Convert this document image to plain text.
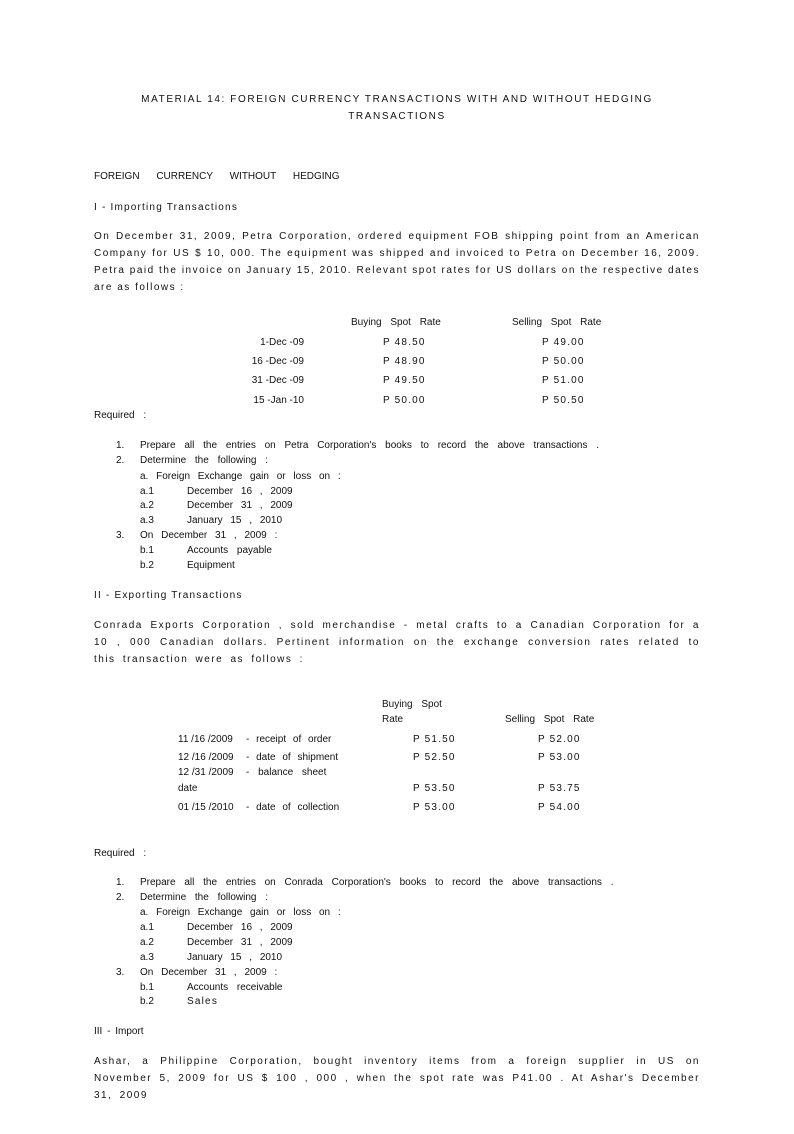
MATERIAL 14: FOREIGN CURRENCY TRANSACTIONS WITH AND WITHOUT HEDGING
TRANSACTIONS
FOREIGN CURRENCY WITHOUT HEDGING
I - Importing Transactions
On December 31, 2009, Petra Corporation, ordered equipment FOB shipping point from an American Company for US $ 10, 000. The equipment was shipped and invoiced to Petra on December 16, 2009. Petra paid the invoice on January 15, 2010. Relevant spot rates for US dollars on the respective dates are as follows :
Buying Spot Rate	Selling Spot Rate
1-Dec -09	P 48.50	P 49.00
16 -Dec -09	P 48.90	P 50.00
31 -Dec -09	P 49.50	P 51.00
15 -Jan -10	P 50.00	P 50.50
Required :
1. Prepare all the entries on Petra Corporation's books to record the above transactions .
2. Determine the following :
a. Foreign Exchange gain or loss on :
a.1	December 16 , 2009
a.2	December 31 , 2009
a.3	January 15 , 2010
3. On December 31 , 2009 :
b.1	Accounts payable
b.2	Equipment
II - Exporting Transactions
Conrada Exports Corporation , sold merchandise - metal crafts to a Canadian Corporation for a 10 , 000 Canadian dollars. Pertinent information on the exchange conversion rates related to this transaction were as follows :
Buying Spot
Rate	Selling Spot Rate
11 /16 /2009 - receipt of order	P 51.50	P 52.00
12 /16 /2009 - date of shipment	P 52.50	P 53.00
12 /31 /2009 - balance sheet
date	P 53.50	P 53.75
01 /15 /2010 - date of collection	P 53.00	P 54.00
Required :
1. Prepare all the entries on Conrada Corporation's books to record the above transactions .
2. Determine the following :
a. Foreign Exchange gain or loss on :
a.1	December 16 , 2009
a.2	December 31 , 2009
a.3	January 15 , 2010
3. On December 31 , 2009 :
b.1	Accounts receivable
b.2	Sales
III - Import
Ashar, a Philippine Corporation, bought inventory items from a foreign supplier in US on November 5, 2009 for US $ 100 , 000 , when the spot rate was P41.00 . At Ashar's December 31, 2009
